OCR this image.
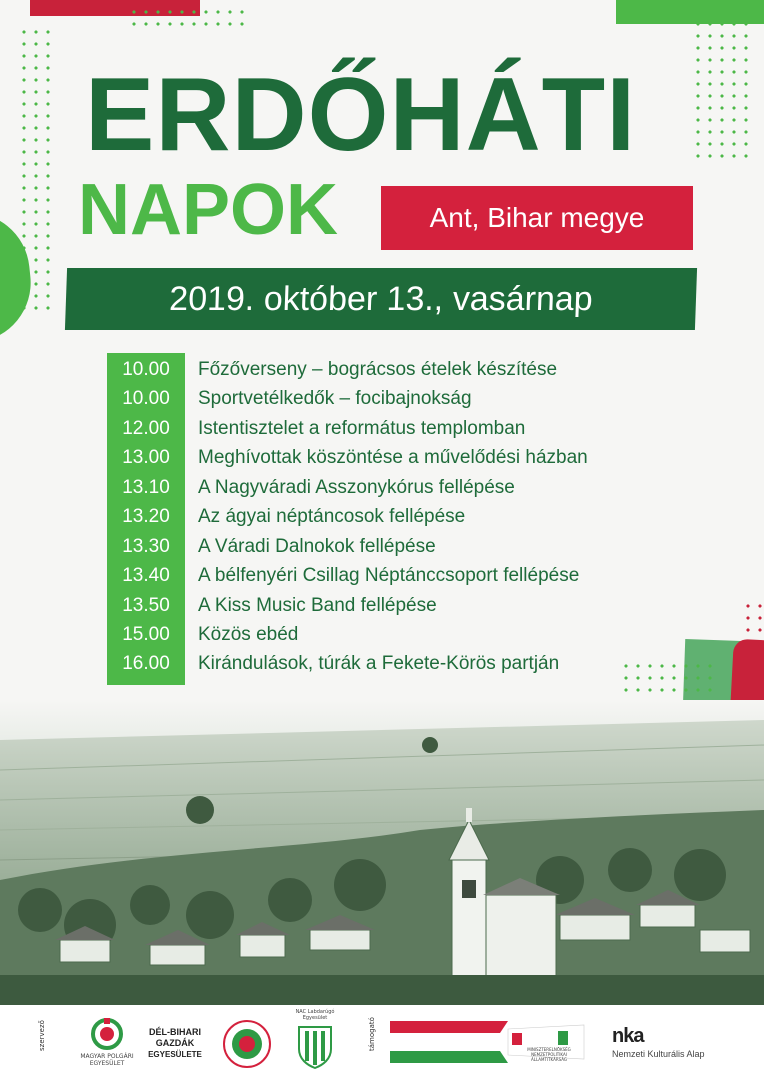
ERDŐHÁTI
NAPOK	Ant, Bihar megye
2019. október 13., vasárnap
10.00	Főzőverseny – bográcsos ételek készítése
10.00	Sportvetélkedők – focibajnokság
12.00	Istentisztelet a református templomban
13.00	Meghívottak köszöntése a művelődési házban
13.10	A Nagyváradi Asszonykórus fellépése
13.20	Az ágyai néptáncosok fellépése
13.30	A Váradi Dalnokok fellépése
13.40	A bélfenyéri Csillag Néptánccsoport fellépése
13.50	A Kiss Music Band fellépése
15.00	Közös ebéd
16.00	Kirándulások, túrák a Fekete-Körös partján
szervező
MAGYAR POLGÁRI EGYESÜLET
DÉL-BIHARI
GAZDÁK
EGYESÜLETE
NAC Labdarúgó Egyesület	támogató	MINISZTERELNÖKSÉG NEMZETPOLITIKAI ÁLLAMTITKÁRSÁG
nka
Nemzeti Kulturális Alap
